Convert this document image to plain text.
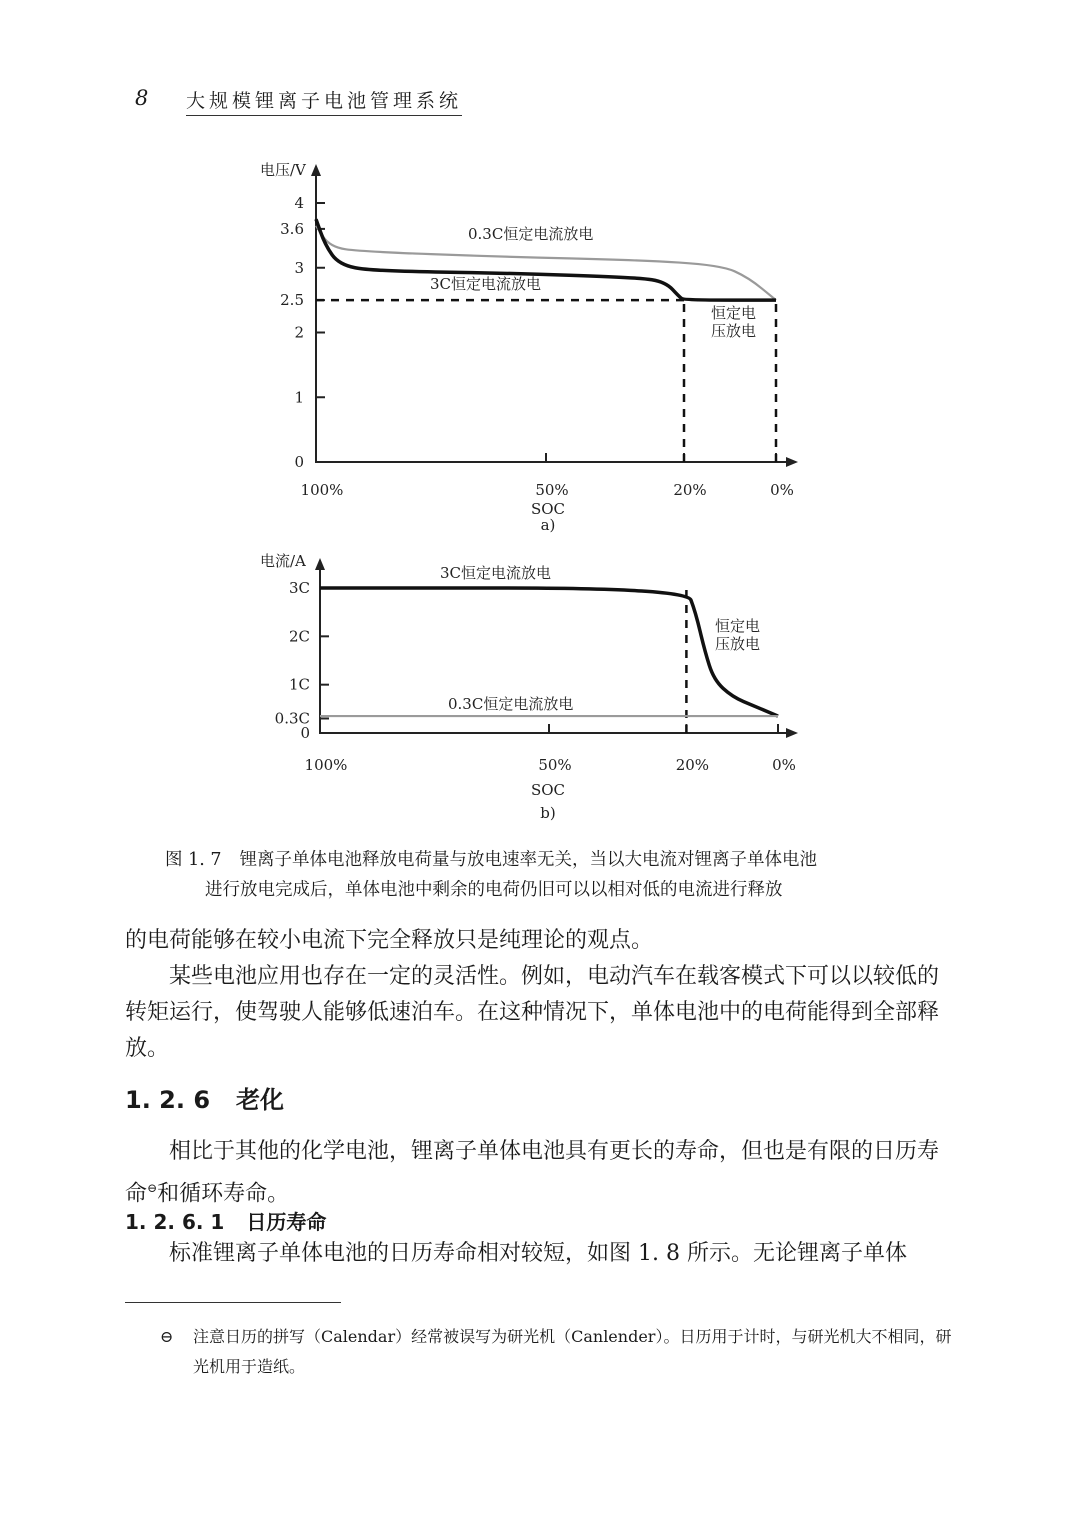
8 大规模锂离子电池管理系统
0
1
2
2.5
3
3.6
4
100%	50%	20%	0%
电压/V
0.3C恒定电流放电
3C恒定电流放电
恒定电
压放电
SOC
a)
0
0.3C
1C
2C
3C
100%	50%	20%	0%
电流/A
3C恒定电流放电
0.3C恒定电流放电
恒定电
压放电
SOC
b)
图 1. 7 锂离子单体电池释放电荷量与放电速率无关，当以大电流对锂离子单体电池
进行放电完成后，单体电池中剩余的电荷仍旧可以以相对低的电流进行释放

的电荷能够在较小电流下完全释放只是纯理论的观点。

某些电池应用也存在一定的灵活性。例如，电动汽车在载客模式下可以以较低的转矩运行，使驾驶人能够低速泊车。在这种情况下，单体电池中的电荷能得到全部释放。

1. 2. 6 老化

相比于其他的化学电池，锂离子单体电池具有更长的寿命，但也是有限的日历寿命⊖和循环寿命。

1. 2. 6. 1 日历寿命

标准锂离子单体电池的日历寿命相对较短，如图 1. 8 所示。无论锂离子单体

⊖	注意日历的拼写（Calendar）经常被误写为研光机（Canlender）。日历用于计时，与研光机大不相同，研光机用于造纸。
